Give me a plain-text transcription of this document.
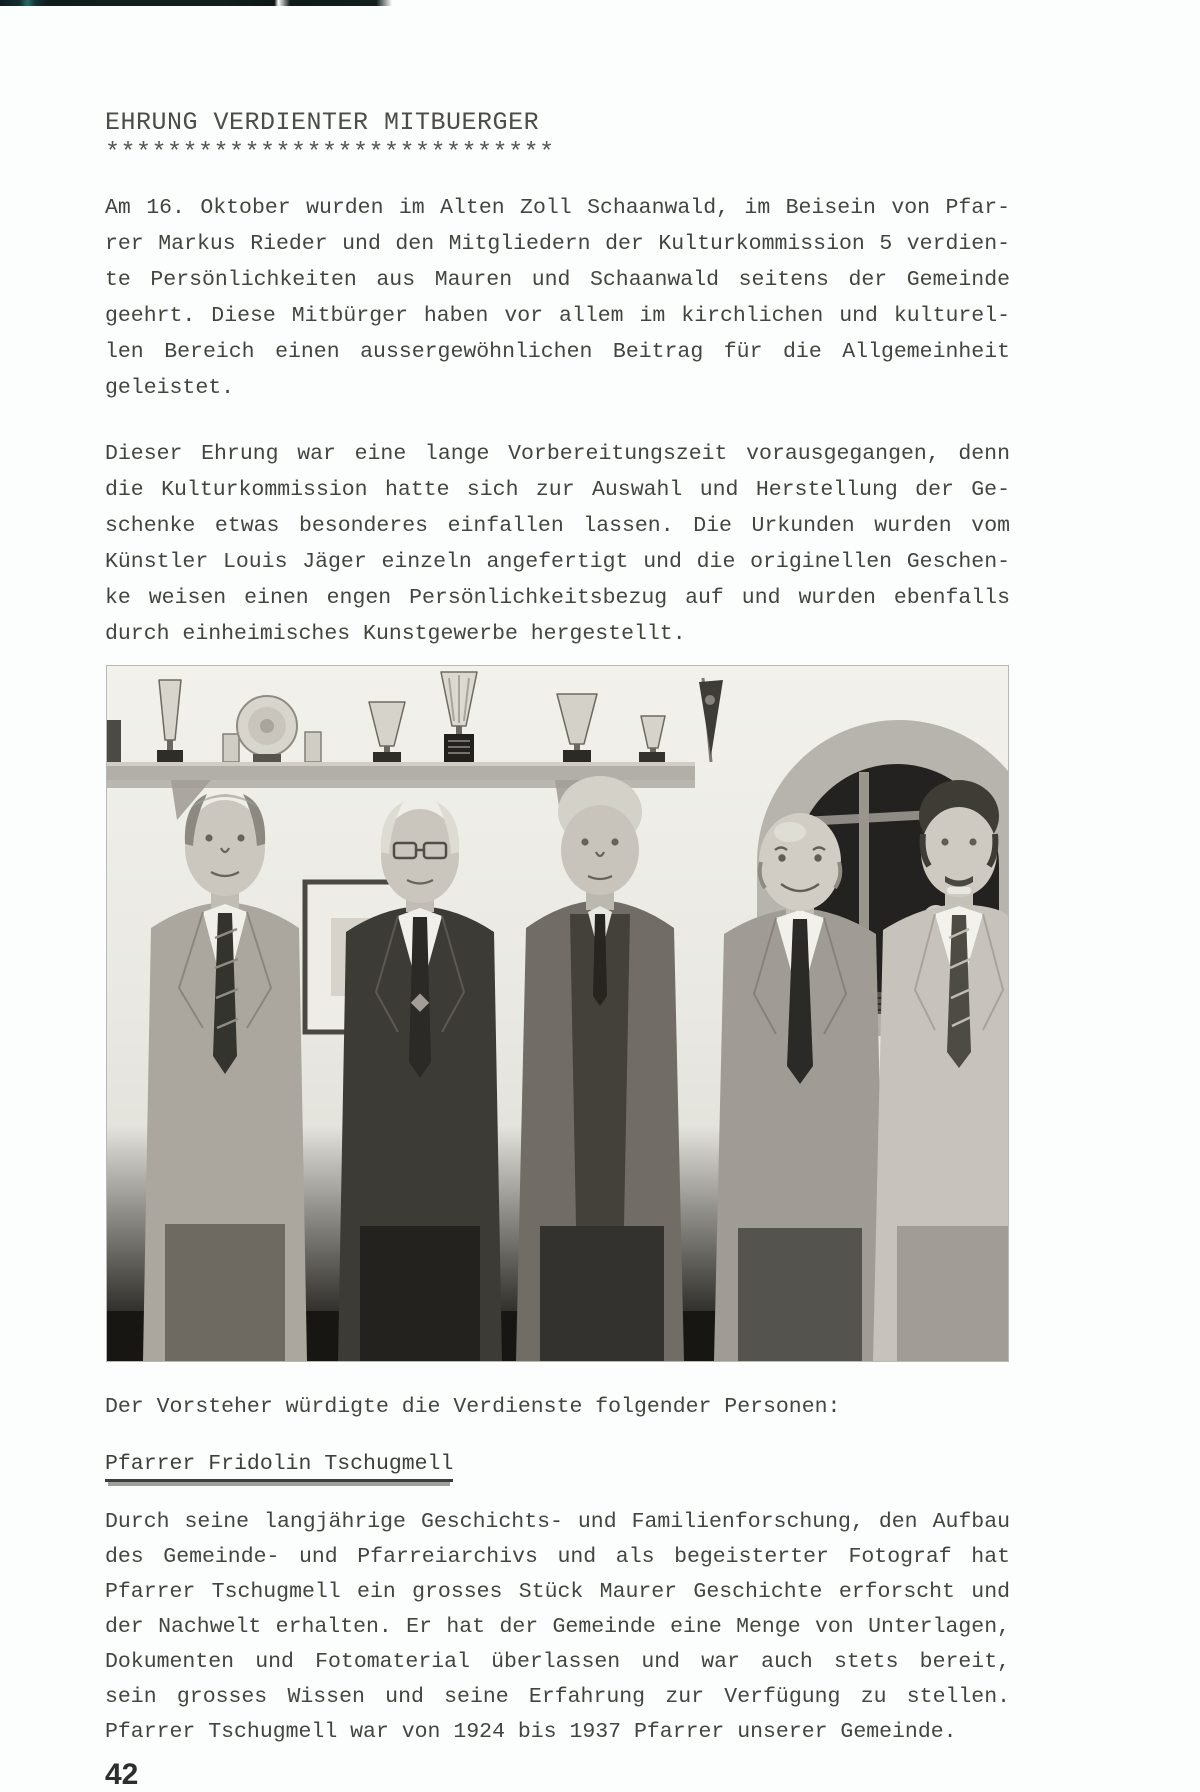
EHRUNG VERDIENTER MITBUERGER
*****************************
Am 16. Oktober wurden im Alten Zoll Schaanwald, im Beisein von Pfar-
rer Markus Rieder und den Mitgliedern der Kulturkommission 5 verdien-
te Persönlichkeiten aus Mauren und Schaanwald seitens der Gemeinde
geehrt. Diese Mitbürger haben vor allem im kirchlichen und kulturel-
len Bereich einen aussergewöhnlichen Beitrag für die Allgemeinheit
geleistet.
Dieser Ehrung war eine lange Vorbereitungszeit vorausgegangen, denn
die Kulturkommission hatte sich zur Auswahl und Herstellung der Ge-
schenke etwas besonderes einfallen lassen. Die Urkunden wurden vom
Künstler Louis Jäger einzeln angefertigt und die originellen Geschen-
ke weisen einen engen Persönlichkeitsbezug auf und wurden ebenfalls
durch einheimisches Kunstgewerbe hergestellt.
Der Vorsteher würdigte die Verdienste folgender Personen:
Pfarrer Fridolin Tschugmell
Durch seine langjährige Geschichts- und Familienforschung, den Aufbau
des Gemeinde- und Pfarreiarchivs und als begeisterter Fotograf hat
Pfarrer Tschugmell ein grosses Stück Maurer Geschichte erforscht und
der Nachwelt erhalten. Er hat der Gemeinde eine Menge von Unterlagen,
Dokumenten und Fotomaterial überlassen und war auch stets bereit,
sein grosses Wissen und seine Erfahrung zur Verfügung zu stellen.
Pfarrer Tschugmell war von 1924 bis 1937 Pfarrer unserer Gemeinde.
42
